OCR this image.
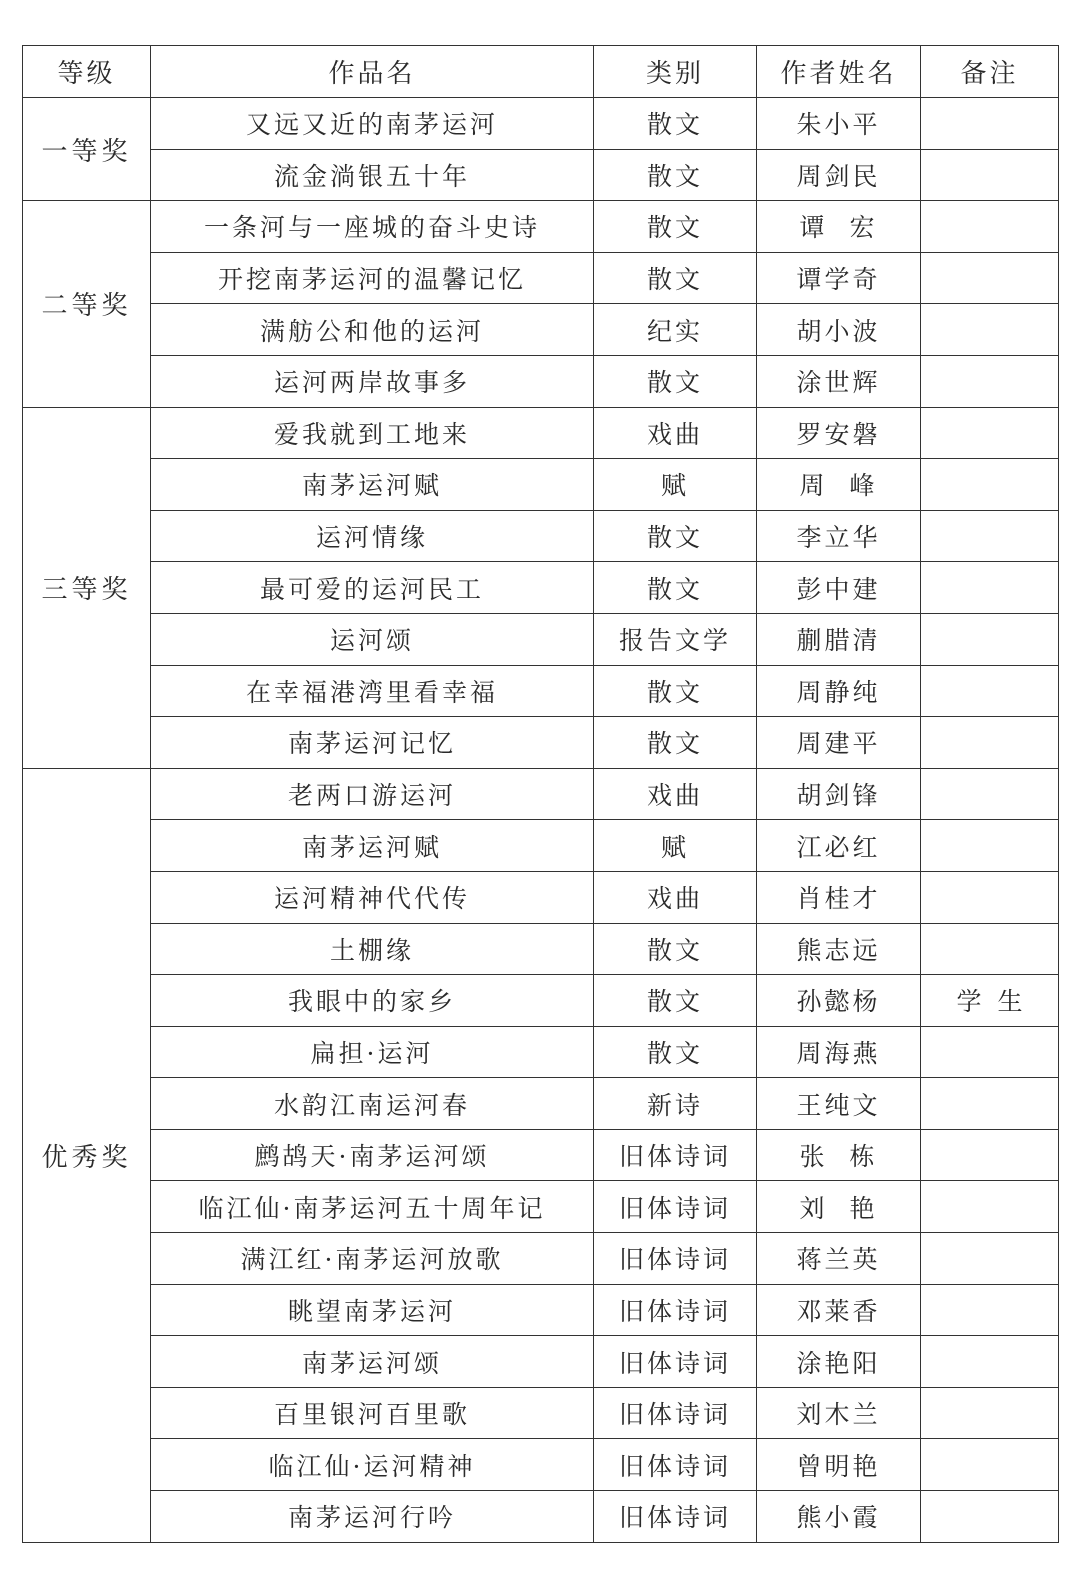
等级	作品名	类别	作者姓名	备注
一等奖	又远又近的南茅运河	散文	朱小平	
	流金淌银五十年	散文	周剑民	
二等奖	一条河与一座城的奋斗史诗	散文	谭  宏	
	开挖南茅运河的温馨记忆	散文	谭学奇	
	满舫公和他的运河	纪实	胡小波	
	运河两岸故事多	散文	涂世辉	
三等奖	爱我就到工地来	戏曲	罗安磐	
	南茅运河赋	赋	周  峰	
	运河情缘	散文	李立华	
	最可爱的运河民工	散文	彭中建	
	运河颂	报告文学	蒯腊清	
	在幸福港湾里看幸福	散文	周静纯	
	南茅运河记忆	散文	周建平	
优秀奖	老两口游运河	戏曲	胡剑锋	
	南茅运河赋	赋	江必红	
	运河精神代代传	戏曲	肖桂才	
	土棚缘	散文	熊志远	
	我眼中的家乡	散文	孙懿杨	学  生
	扁担·运河	散文	周海燕	
	水韵江南运河春	新诗	王纯文	
	鹧鸪天·南茅运河颂	旧体诗词	张  栋	
	临江仙·南茅运河五十周年记	旧体诗词	刘  艳	
	满江红·南茅运河放歌	旧体诗词	蒋兰英	
	眺望南茅运河	旧体诗词	邓莱香	
	南茅运河颂	旧体诗词	涂艳阳	
	百里银河百里歌	旧体诗词	刘木兰	
	临江仙·运河精神	旧体诗词	曾明艳	
	南茅运河行吟	旧体诗词	熊小霞	
